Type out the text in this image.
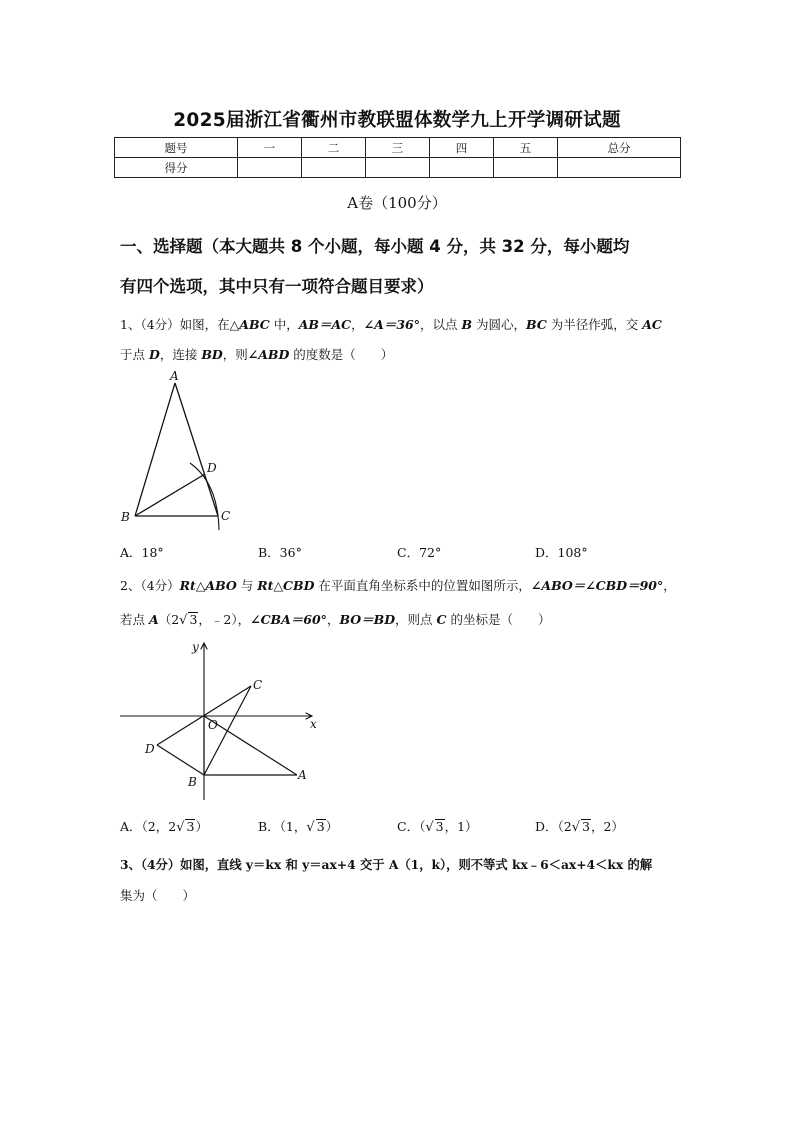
2025届浙江省衢州市教联盟体数学九上开学调研试题
题号	一	二	三	四	五	总分
得分						
A卷（100分）
一、选择题（本大题共 8 个小题，每小题 4 分，共 32 分，每小题均
有四个选项，其中只有一项符合题目要求）
1、（4分）如图，在△ABC 中，AB＝AC，∠A＝36°，以点 B 为圆心，BC 为半径作弧，交 AC
于点 D，连接 BD，则∠ABD 的度数是（　　）
A
B	C
D
A．18°	B．36°	C．72°	D．108°
2、（4分）Rt△ABO 与 Rt△CBD 在平面直角坐标系中的位置如图所示，∠ABO＝∠CBD＝90°，
若点 A（2√ 3，﹣2），∠CBA＝60°，BO＝BD，则点 C 的坐标是（　　）
y
x
O
C
D
B	A
A．（2，2√ 3）	B．（1，√ 3）	C．（√ 3，1）	D．（2√ 3，2）
3、（4分）如图，直线 y＝kx 和 y＝ax+4 交于 A（1，k），则不等式 kx﹣6＜ax+4＜kx 的解
集为（　　）
